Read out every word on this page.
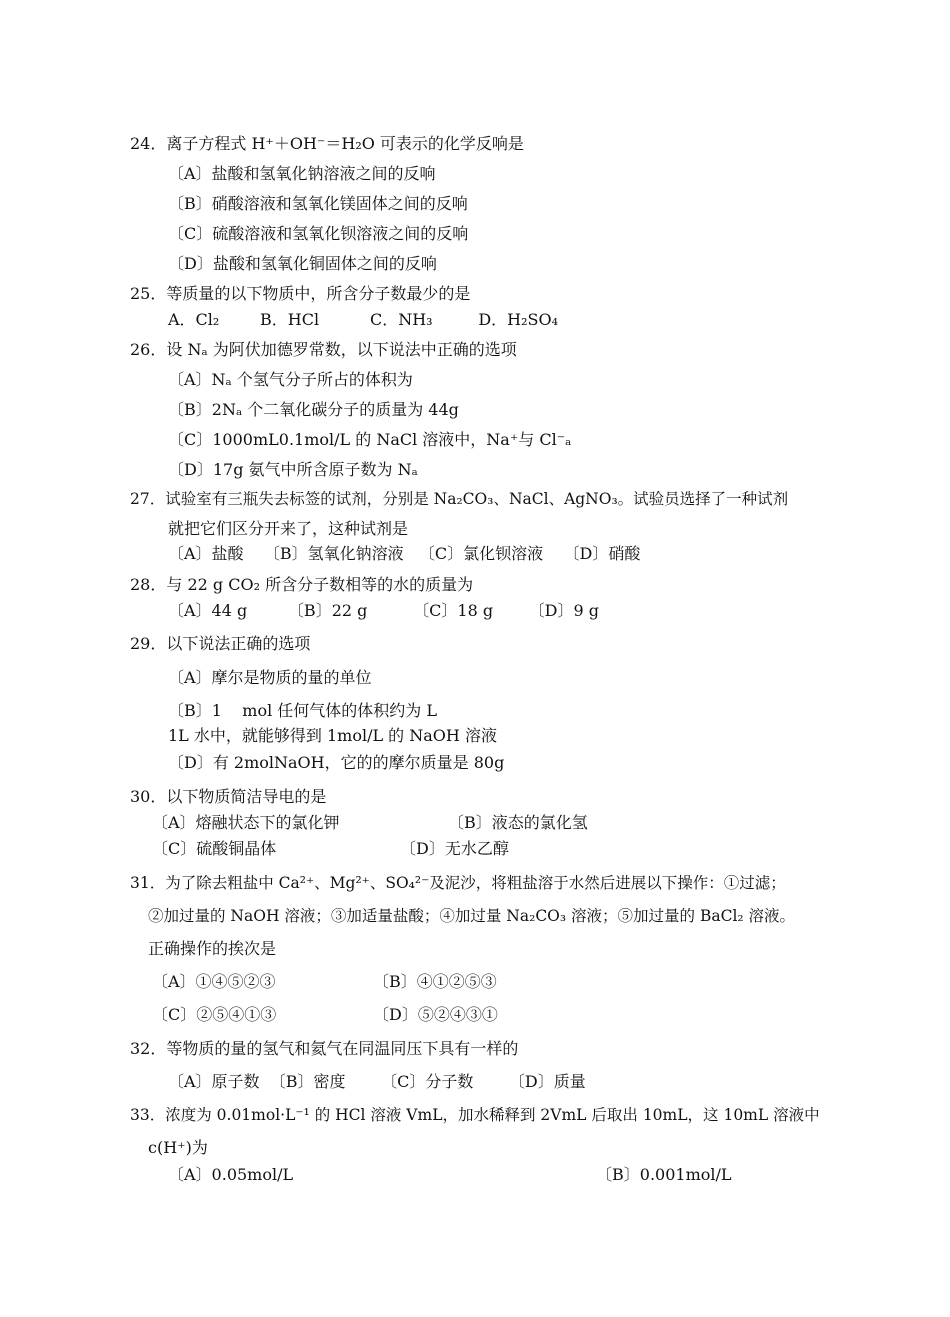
24．离子方程式 H⁺＋OH⁻＝H₂O 可表示的化学反响是
〔A〕盐酸和氢氧化钠溶液之间的反响
〔B〕硝酸溶液和氢氧化镁固体之间的反响
〔C〕硫酸溶液和氢氧化钡溶液之间的反响
〔D〕盐酸和氢氧化铜固体之间的反响
25．等质量的以下物质中，所含分子数最少的是
A．Cl₂        B．HCl          C．NH₃         D．H₂SO₄
26．设 Nₐ 为阿伏加德罗常数，以下说法中正确的选项
〔A〕Nₐ 个氢气分子所占的体积为
〔B〕2Nₐ 个二氧化碳分子的质量为 44g
〔C〕1000mL0.1mol/L 的 NaCl 溶液中，Na⁺与 Cl⁻ₐ
〔D〕17g 氨气中所含原子数为 Nₐ
27．试验室有三瓶失去标签的试剂，分别是 Na₂CO₃、NaCl、AgNO₃。试验员选择了一种试剂
就把它们区分开来了，这种试剂是
〔A〕盐酸    〔B〕氢氧化钠溶液   〔C〕氯化钡溶液    〔D〕硝酸
28．与 22 g CO₂ 所含分子数相等的水的质量为
〔A〕44 g        〔B〕22 g         〔C〕18 g       〔D〕9 g
29．以下说法正确的选项
〔A〕摩尔是物质的量的单位
〔B〕1    mol 任何气体的体积约为 L
1L 水中，就能够得到 1mol/L 的 NaOH 溶液
〔D〕有 2molNaOH，它的的摩尔质量是 80g
30．以下物质简洁导电的是
〔A〕熔融状态下的氯化钾	〔B〕液态的氯化氢
〔C〕硫酸铜晶体	〔D〕无水乙醇
31．为了除去粗盐中 Ca²⁺、Mg²⁺、SO₄²⁻及泥沙，将粗盐溶于水然后进展以下操作：①过滤；
②加过量的 NaOH 溶液；③加适量盐酸；④加过量 Na₂CO₃ 溶液；⑤加过量的 BaCl₂ 溶液。
正确操作的挨次是
〔A〕①④⑤②③	〔B〕④①②⑤③
〔C〕②⑤④①③	〔D〕⑤②④③①
32．等物质的量的氢气和氦气在同温同压下具有一样的
〔A〕原子数  〔B〕密度       〔C〕分子数       〔D〕质量
33．浓度为 0.01mol·L⁻¹ 的 HCl 溶液 VmL，加水稀释到 2VmL 后取出 10mL，这 10mL 溶液中
c(H⁺)为
〔A〕0.05mol/L	〔B〕0.001mol/L
